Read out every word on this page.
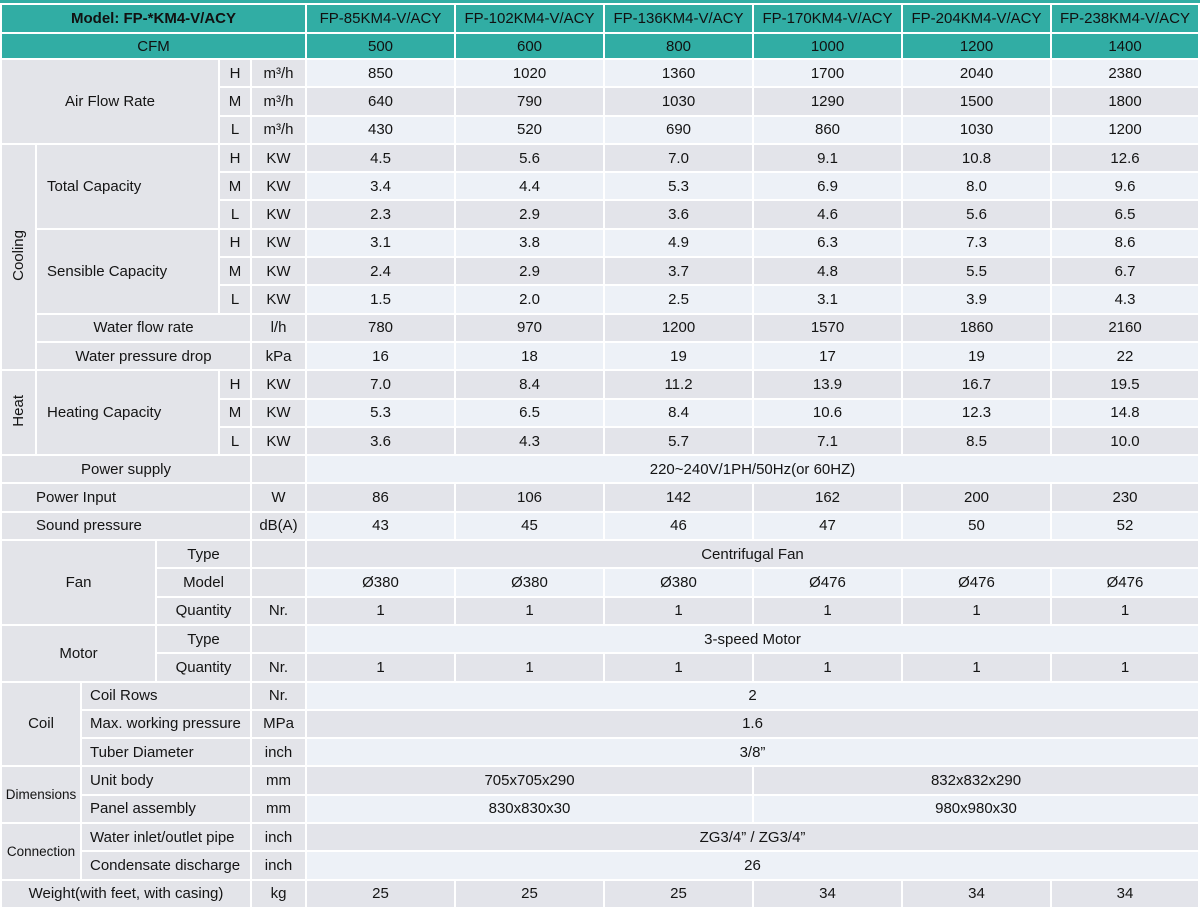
Model: FP-*KM4-V/ACY						FP-85KM4-V/ACY	FP-102KM4-V/ACY	FP-136KM4-V/ACY	FP-170KM4-V/ACY	FP-204KM4-V/ACY	FP-238KM4-V/ACY
CFM						500	600	800	1000	1200	1400
Air Flow Rate				H	m³/h	850	1020	1360	1700	2040	2380
				M	m³/h	640	790	1030	1290	1500	1800
				L	m³/h	430	520	690	860	1030	1200
Cooling	Total Capacity			H	KW	4.5	5.6	7.0	9.1	10.8	12.6
				M	KW	3.4	4.4	5.3	6.9	8.0	9.6
				L	KW	2.3	2.9	3.6	4.6	5.6	6.5
	Sensible Capacity			H	KW	3.1	3.8	4.9	6.3	7.3	8.6
				M	KW	2.4	2.9	3.7	4.8	5.5	6.7
				L	KW	1.5	2.0	2.5	3.1	3.9	4.3
	Water flow rate				l/h	780	970	1200	1570	1860	2160
	Water pressure drop				kPa	16	18	19	17	19	22
Heat	Heating Capacity			H	KW	7.0	8.4	11.2	13.9	16.7	19.5
				M	KW	5.3	6.5	8.4	10.6	12.3	14.8
				L	KW	3.6	4.3	5.7	7.1	8.5	10.0
Power supply						220~240V/1PH/50Hz(or 60HZ)					
Power Input					W	86	106	142	162	200	230
Sound pressure					dB(A)	43	45	46	47	50	52
Fan			Type			Centrifugal Fan					
			Model			Ø380	Ø380	Ø380	Ø476	Ø476	Ø476
			Quantity		Nr.	1	1	1	1	1	1
Motor			Type			3-speed Motor					
			Quantity		Nr.	1	1	1	1	1	1
Coil		Coil Rows			Nr.	2					
		Max. working pressure			MPa	1.6					
		Tuber Diameter			inch	3/8”					
Dimensions		Unit body			mm	705x705x290			832x832x290		
		Panel assembly			mm	830x830x30			980x980x30		
Connection		Water inlet/outlet pipe			inch	ZG3/4” / ZG3/4”					
		Condensate discharge			inch	26					
Weight(with feet, with casing)					kg	25	25	25	34	34	34
